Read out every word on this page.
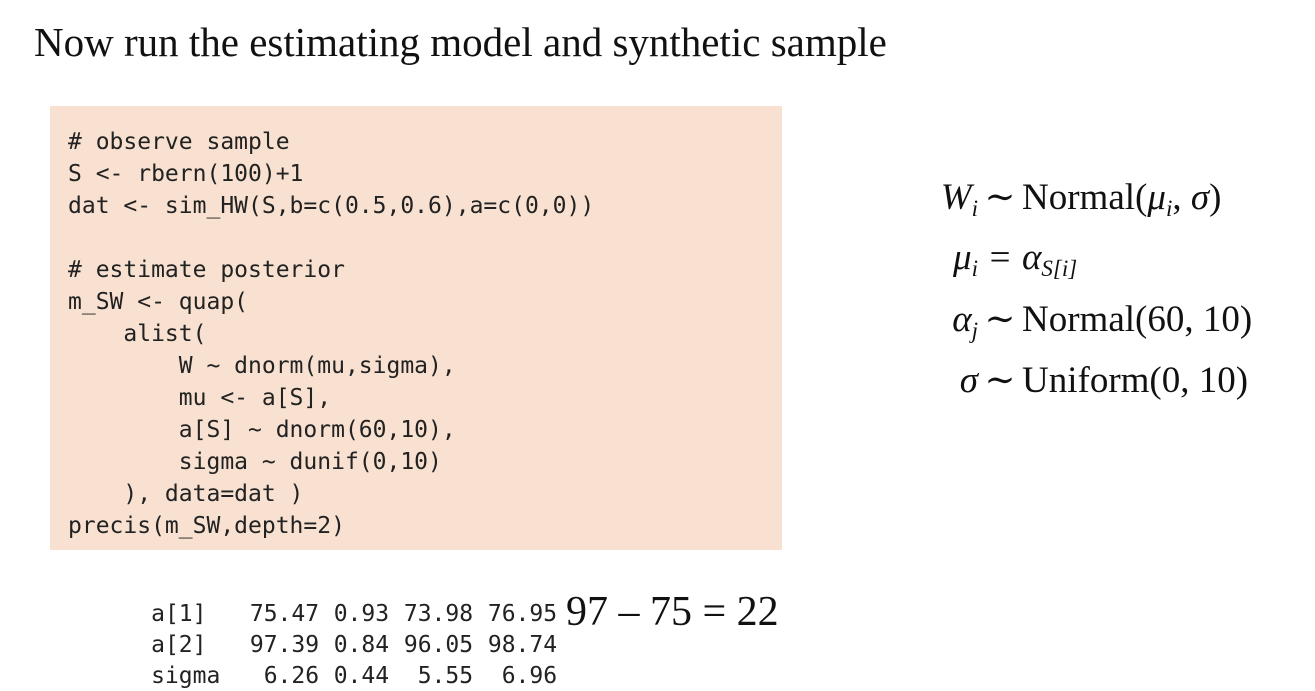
Now run the estimating model and synthetic sample
# observe sample
S <- rbern(100)+1
dat <- sim_HW(S,b=c(0.5,0.6),a=c(0,0))
# estimate posterior
m_SW <- quap(
alist(
W ~ dnorm(mu,sigma),
mu <- a[S],
a[S] ~ dnorm(60,10),
sigma ~ dunif(0,10)
), data=dat )
precis(m_SW,depth=2)

a[1] 75.47 0.93 73.98 76.95

a[2] 97.39 0.84 96.05 98.74

sigma 6.26 0.44 5.55 6.96

97 – 75 = 22
$W_i$ ∼ $Normal(\mu_i$, σ)
$\mu_i = \alpha_{S[i]}$
$\alpha_j$ ∼ Normal(60, 10)
σ ∼ Uniform(0, 10)
